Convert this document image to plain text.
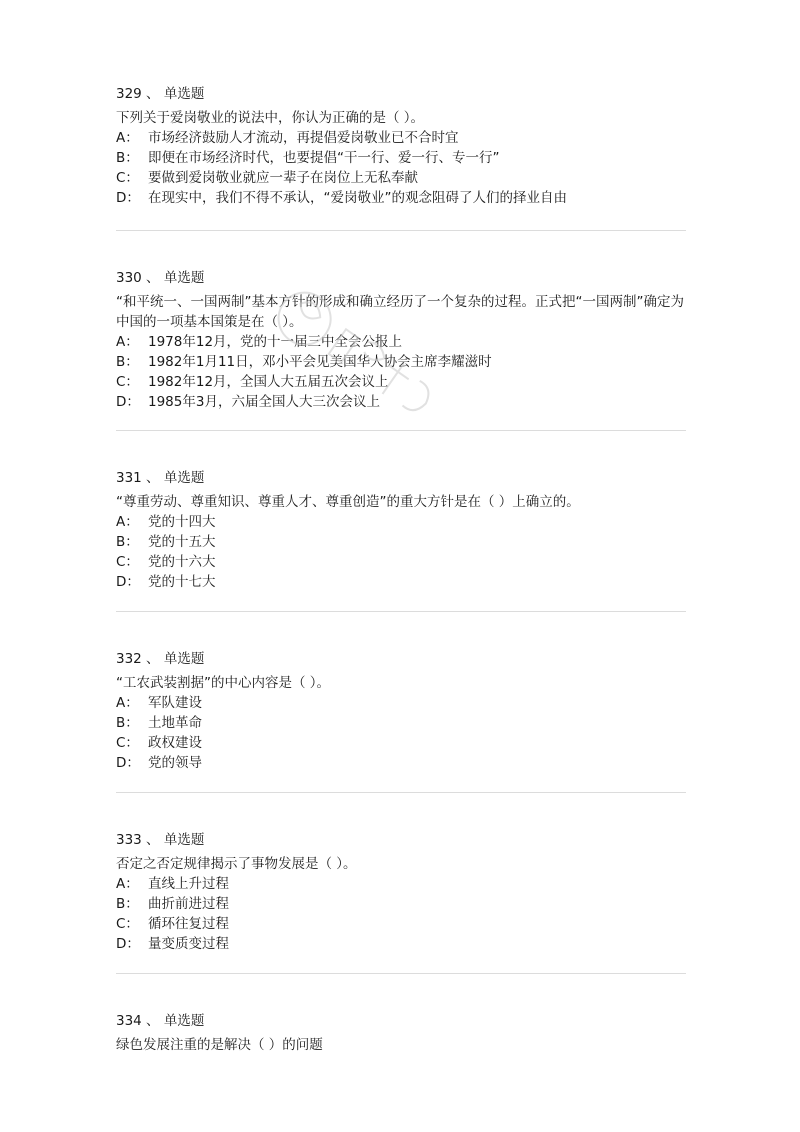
329 、 单选题

下列关于爱岗敬业的说法中，你认为正确的是（ ）。

A： 市场经济鼓励人才流动，再提倡爱岗敬业已不合时宜
B： 即便在市场经济时代，也要提倡“干一行、爱一行、专一行”
C： 要做到爱岗敬业就应一辈子在岗位上无私奉献
D： 在现实中，我们不得不承认，“爱岗敬业”的观念阻碍了人们的择业自由
330 、 单选题

“和平统一、一国两制”基本方针的形成和确立经历了一个复杂的过程。正式把“一国两制”确定为中国的一项基本国策是在（ ）。

A： 1978年12月，党的十一届三中全会公报上
B： 1982年1月11日，邓小平会见美国华人协会主席李耀滋时
C： 1982年12月，全国人大五届五次会议上
D： 1985年3月，六届全国人大三次会议上
331 、 单选题

“尊重劳动、尊重知识、尊重人才、尊重创造”的重大方针是在（ ）上确立的。

A： 党的十四大
B： 党的十五大
C： 党的十六大
D： 党的十七大
332 、 单选题

“工农武装割据”的中心内容是（ ）。

A： 军队建设
B： 土地革命
C： 政权建设
D： 党的领导
333 、 单选题

否定之否定规律揭示了事物发展是（ ）。

A： 直线上升过程
B： 曲折前进过程
C： 循环往复过程
D： 量变质变过程
334 、 单选题

绿色发展注重的是解决（ ）的问题
